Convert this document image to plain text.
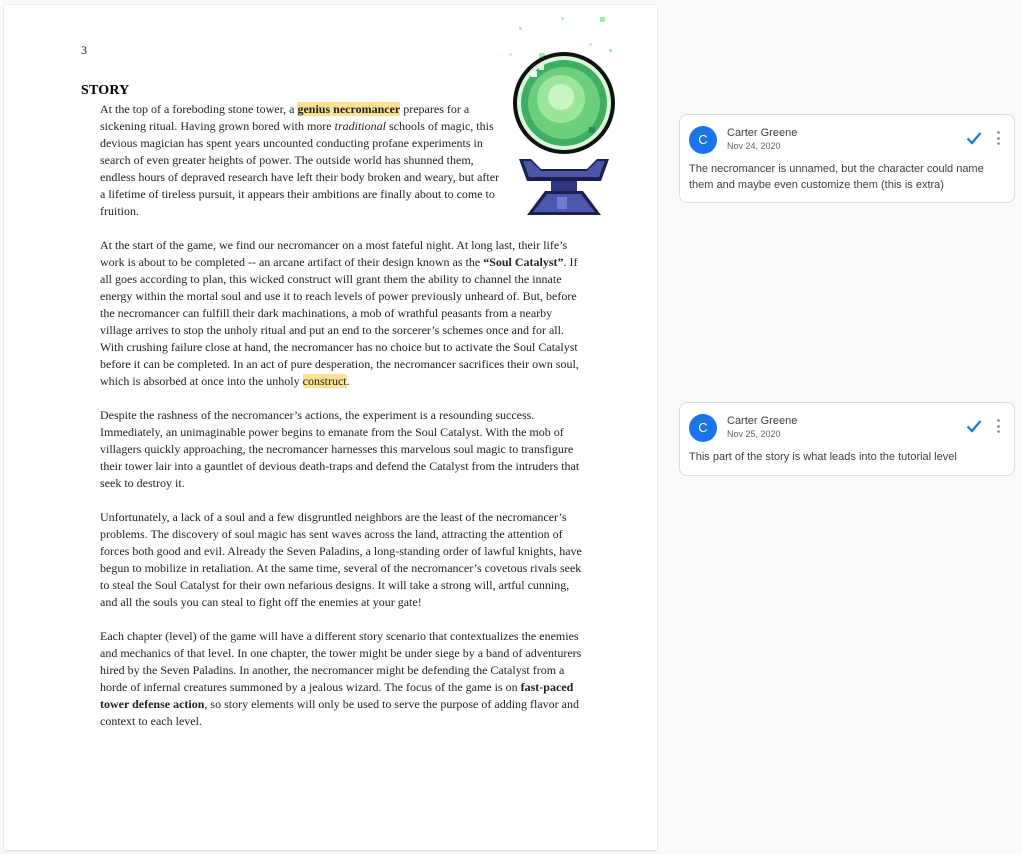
3
STORY

At the top of a foreboding stone tower, a genius necromancer prepares for a sickening ritual. Having grown bored with more traditional schools of magic, this devious magician has spent years uncounted conducting profane experiments in search of even greater heights of power. The outside world has shunned them, endless hours of depraved research have left their body broken and weary, but after a lifetime of tireless pursuit, it appears their ambitions are finally about to come to fruition.

At the start of the game, we find our necromancer on a most fateful night. At long last, their life’s work is about to be completed -- an arcane artifact of their design known as the “Soul Catalyst”. If all goes according to plan, this wicked construct will grant them the ability to channel the innate energy within the mortal soul and use it to reach levels of power previously unheard of. But, before the necromancer can fulfill their dark machinations, a mob of wrathful peasants from a nearby village arrives to stop the unholy ritual and put an end to the sorcerer’s schemes once and for all. With crushing failure close at hand, the necromancer has no choice but to activate the Soul Catalyst before it can be completed. In an act of pure desperation, the necromancer sacrifices their own soul, which is absorbed at once into the unholy construct.

Despite the rashness of the necromancer’s actions, the experiment is a resounding success. Immediately, an unimaginable power begins to emanate from the Soul Catalyst. With the mob of villagers quickly approaching, the necromancer harnesses this marvelous soul magic to transfigure their tower lair into a gauntlet of devious death-traps and defend the Catalyst from the intruders that seek to destroy it.

Unfortunately, a lack of a soul and a few disgruntled neighbors are the least of the necromancer’s problems. The discovery of soul magic has sent waves across the land, attracting the attention of forces both good and evil. Already the Seven Paladins, a long-standing order of lawful knights, have begun to mobilize in retaliation. At the same time, several of the necromancer’s covetous rivals seek to steal the Soul Catalyst for their own nefarious designs. It will take a strong will, artful cunning, and all the souls you can steal to fight off the enemies at your gate!

Each chapter (level) of the game will have a different story scenario that contextualizes the enemies and mechanics of that level. In one chapter, the tower might be under siege by a band of adventurers hired by the Seven Paladins. In another, the necromancer might be defending the Catalyst from a horde of infernal creatures summoned by a jealous wizard. The focus of the game is on fast-paced tower defense action, so story elements will only be used to serve the purpose of adding flavor and context to each level.

C	Carter Greene
Nov 24, 2020
The necromancer is unnamed, but the character could name them and maybe even customize them (this is extra)
C	Carter Greene
Nov 25, 2020
This part of the story is what leads into the tutorial level
